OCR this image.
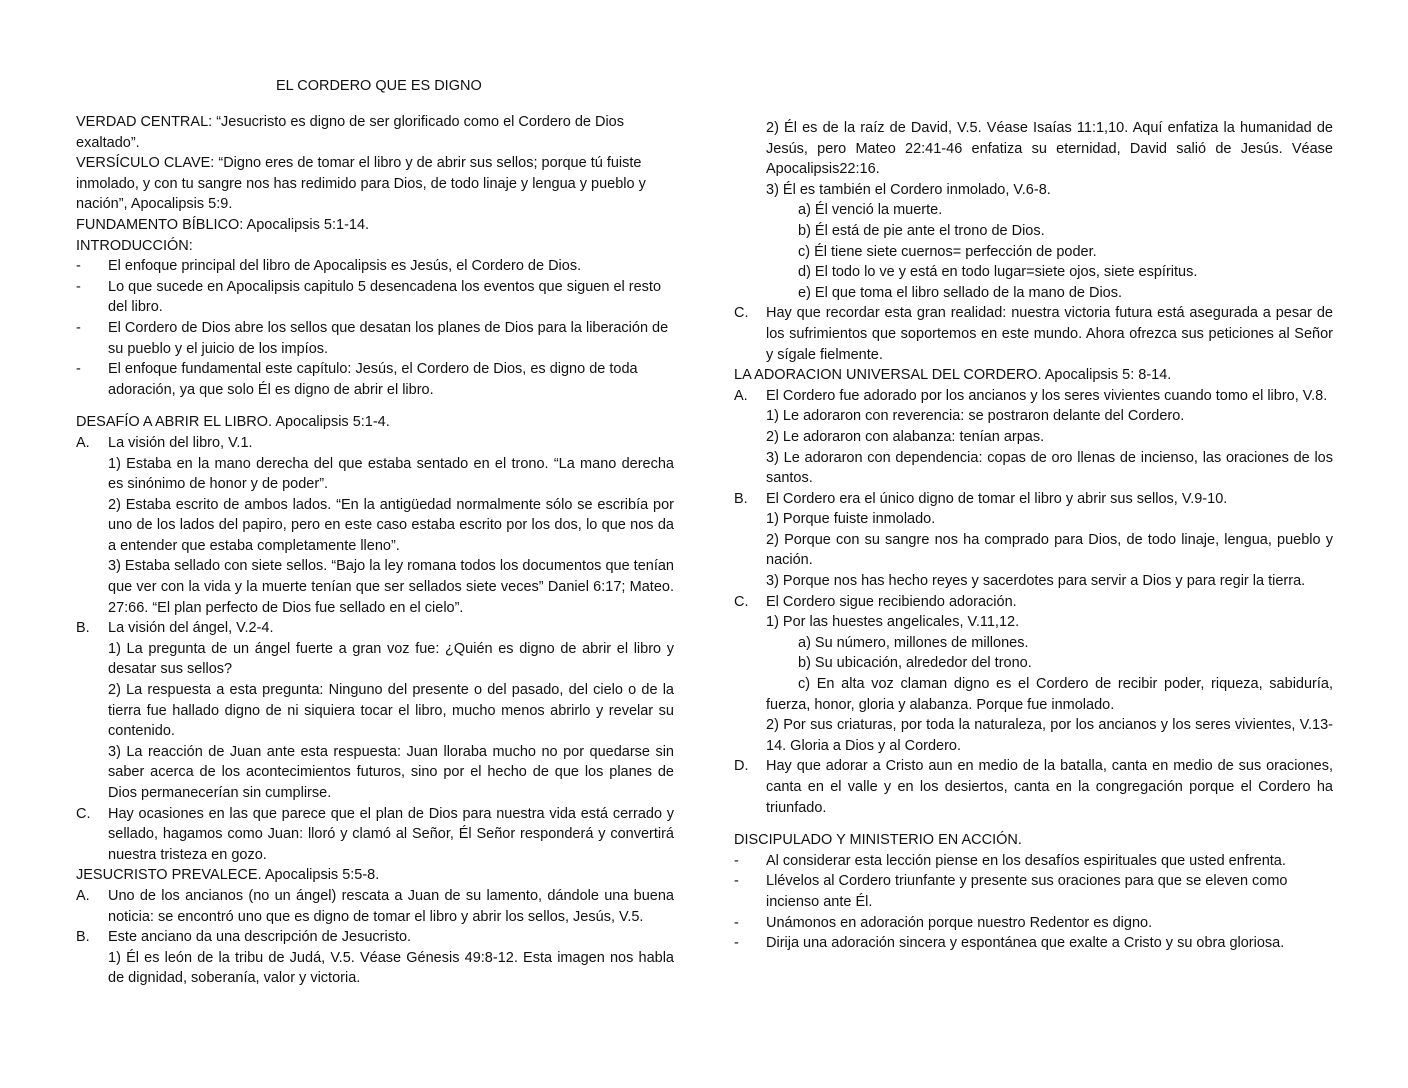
EL CORDERO QUE ES DIGNO

VERDAD CENTRAL: “Jesucristo es digno de ser glorificado como el Cordero de Dios exaltado”.

VERSÍCULO CLAVE: “Digno eres de tomar el libro y de abrir sus sellos; porque tú fuiste inmolado, y con tu sangre nos has redimido para Dios, de todo linaje y lengua y pueblo y nación”, Apocalipsis 5:9.

FUNDAMENTO BÍBLICO: Apocalipsis 5:1-14.

INTRODUCCIÓN:

-	El enfoque principal del libro de Apocalipsis es Jesús, el Cordero de Dios.
-	Lo que sucede en Apocalipsis capitulo 5 desencadena los eventos que siguen el resto del libro.
-	El Cordero de Dios abre los sellos que desatan los planes de Dios para la liberación de su pueblo y el juicio de los impíos.
-	El enfoque fundamental este capítulo: Jesús, el Cordero de Dios, es digno de toda adoración, ya que solo Él es digno de abrir el libro.

DESAFÍO A ABRIR EL LIBRO. Apocalipsis 5:1-4.

A.	La visión del libro, V.1.

1) Estaba en la mano derecha del que estaba sentado en el trono. “La mano derecha es sinónimo de honor y de poder”.

2) Estaba escrito de ambos lados. “En la antigüedad normalmente sólo se escribía por uno de los lados del papiro, pero en este caso estaba escrito por los dos, lo que nos da a entender que estaba completamente lleno”.

3) Estaba sellado con siete sellos. “Bajo la ley romana todos los documentos que tenían que ver con la vida y la muerte tenían que ser sellados siete veces” Daniel 6:17; Mateo. 27:66. “El plan perfecto de Dios fue sellado en el cielo”.

B.	La visión del ángel, V.2-4.

1) La pregunta de un ángel fuerte a gran voz fue: ¿Quién es digno de abrir el libro y desatar sus sellos?

2) La respuesta a esta pregunta: Ninguno del presente o del pasado, del cielo o de la tierra fue hallado digno de ni siquiera tocar el libro, mucho menos abrirlo y revelar su contenido.

3) La reacción de Juan ante esta respuesta: Juan lloraba mucho no por quedarse sin saber acerca de los acontecimientos futuros, sino por el hecho de que los planes de Dios permanecerían sin cumplirse.

C.	Hay ocasiones en las que parece que el plan de Dios para nuestra vida está cerrado y sellado, hagamos como Juan: lloró y clamó al Señor, Él Señor responderá y convertirá nuestra tristeza en gozo.

JESUCRISTO PREVALECE. Apocalipsis 5:5-8.

A.	Uno de los ancianos (no un ángel) rescata a Juan de su lamento, dándole una buena noticia: se encontró uno que es digno de tomar el libro y abrir los sellos, Jesús, V.5.
B.	Este anciano da una descripción de Jesucristo.

1) Él es león de la tribu de Judá, V.5. Véase Génesis 49:8-12. Esta imagen nos habla de dignidad, soberanía, valor y victoria.

2) Él es de la raíz de David, V.5. Véase Isaías 11:1,10. Aquí enfatiza la humanidad de Jesús, pero Mateo 22:41-46 enfatiza su eternidad, David salió de Jesús. Véase Apocalipsis22:16.

3) Él es también el Cordero inmolado, V.6-8.

a) Él venció la muerte.

b) Él está de pie ante el trono de Dios.

c) Él tiene siete cuernos= perfección de poder.

d) El todo lo ve y está en todo lugar=siete ojos, siete espíritus.

e) El que toma el libro sellado de la mano de Dios.

C.	Hay que recordar esta gran realidad: nuestra victoria futura está asegurada a pesar de los sufrimientos que soportemos en este mundo. Ahora ofrezca sus peticiones al Señor y sígale fielmente.

LA ADORACION UNIVERSAL DEL CORDERO. Apocalipsis 5: 8-14.

A.	El Cordero fue adorado por los ancianos y los seres vivientes cuando tomo el libro, V.8.

1) Le adoraron con reverencia: se postraron delante del Cordero.

2) Le adoraron con alabanza: tenían arpas.

3) Le adoraron con dependencia: copas de oro llenas de incienso, las oraciones de los santos.

B.	El Cordero era el único digno de tomar el libro y abrir sus sellos, V.9-10.

1) Porque fuiste inmolado.

2) Porque con su sangre nos ha comprado para Dios, de todo linaje, lengua, pueblo y nación.

3) Porque nos has hecho reyes y sacerdotes para servir a Dios y para regir la tierra.

C.	El Cordero sigue recibiendo adoración.

1) Por las huestes angelicales, V.11,12.

a) Su número, millones de millones.

b) Su ubicación, alrededor del trono.

c) En alta voz claman digno es el Cordero de recibir poder, riqueza, sabiduría, fuerza, honor, gloria y alabanza. Porque fue inmolado.

2) Por sus criaturas, por toda la naturaleza, por los ancianos y los seres vivientes, V.13-14. Gloria a Dios y al Cordero.

D.	Hay que adorar a Cristo aun en medio de la batalla, canta en medio de sus oraciones, canta en el valle y en los desiertos, canta en la congregación porque el Cordero ha triunfado.

DISCIPULADO Y MINISTERIO EN ACCIÓN.

-	Al considerar esta lección piense en los desafíos espirituales que usted enfrenta.
-	Llévelos al Cordero triunfante y presente sus oraciones para que se eleven como incienso ante Él.
-	Unámonos en adoración porque nuestro Redentor es digno.
-	Dirija una adoración sincera y espontánea que exalte a Cristo y su obra gloriosa.
